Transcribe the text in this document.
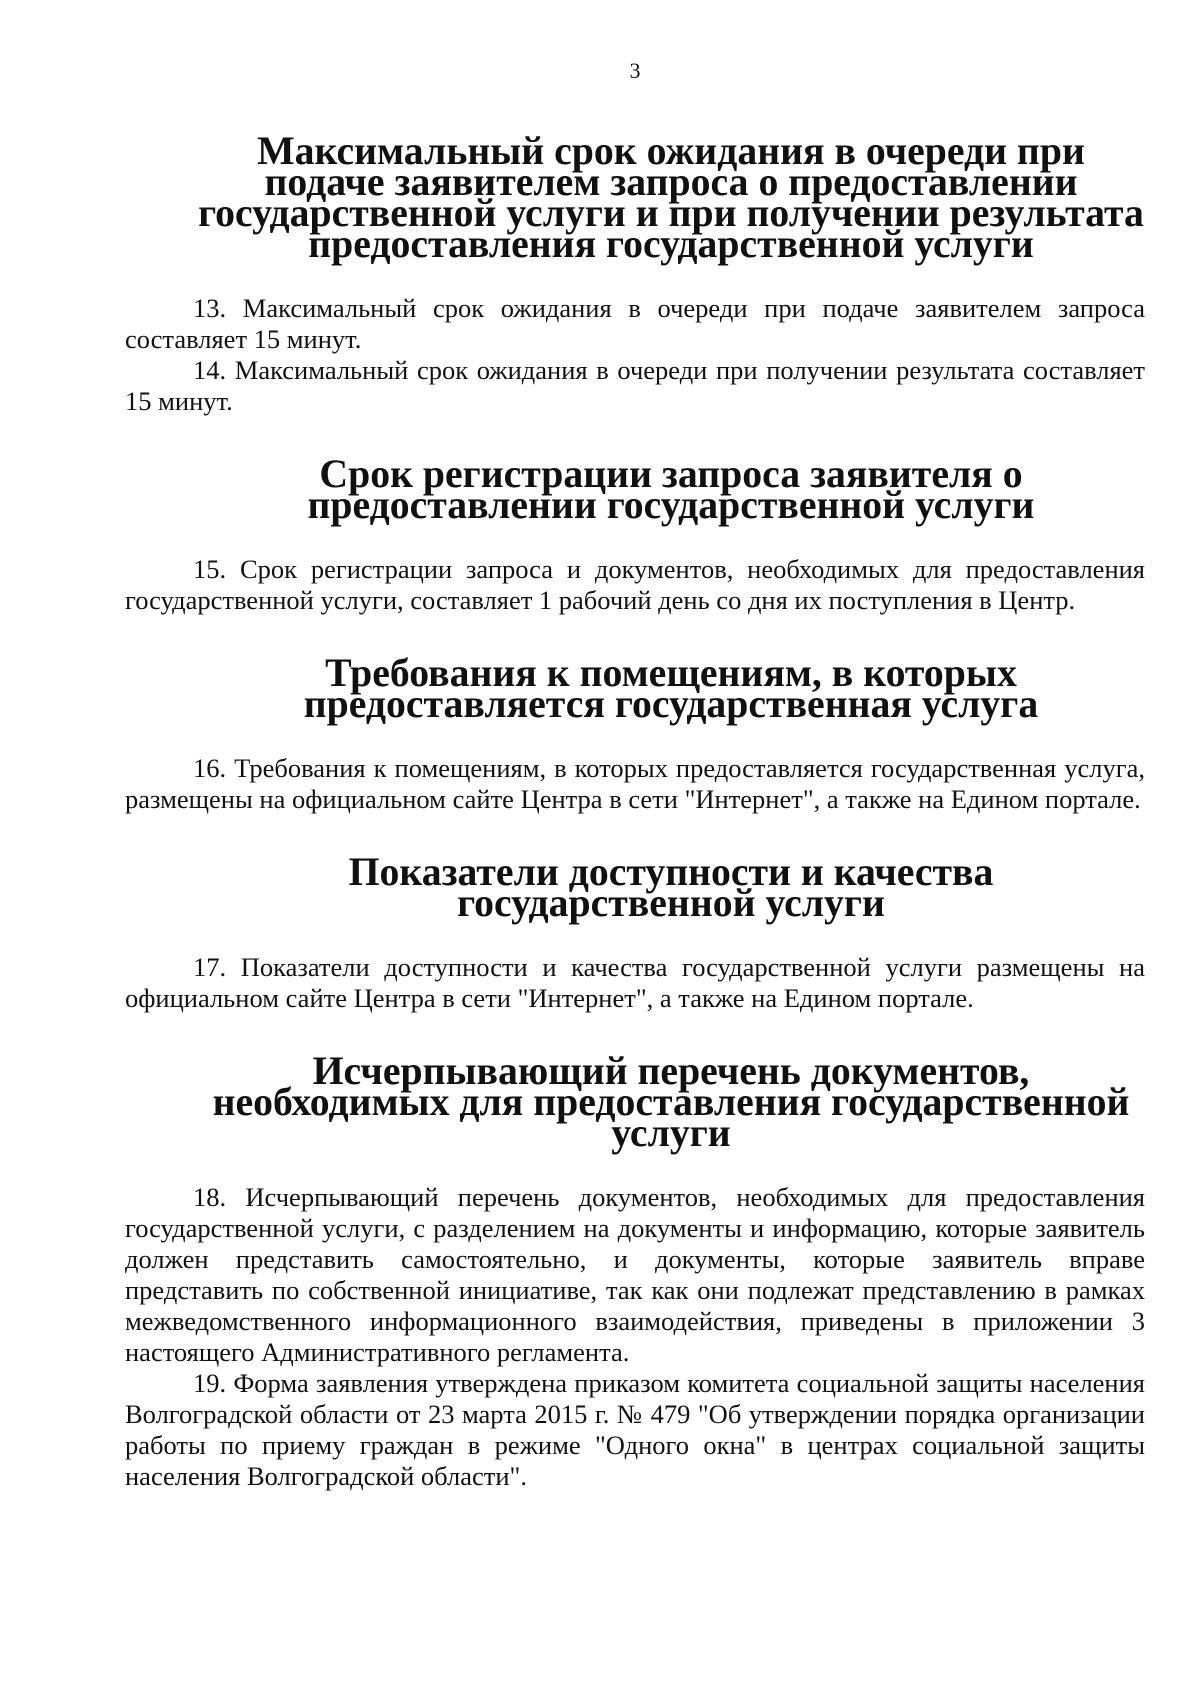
3
Максимальный срок ожидания в очереди при подаче заявителем запроса о предоставлении государственной услуги и при получении результата предоставления государственной услуги

13. Максимальный срок ожидания в очереди при подаче заявителем запроса составляет 15 минут.

14. Максимальный срок ожидания в очереди при получении результата составляет 15 минут.

Срок регистрации запроса заявителя о предоставлении государственной услуги

15. Срок регистрации запроса и документов, необходимых для предоставления государственной услуги, составляет 1 рабочий день со дня их поступления в Центр.

Требования к помещениям, в которых предоставляется государственная услуга

16. Требования к помещениям, в которых предоставляется государственная услуга, размещены на официальном сайте Центра в сети "Интернет", а также на Едином портале.

Показатели доступности и качества государственной услуги

17. Показатели доступности и качества государственной услуги размещены на официальном сайте Центра в сети "Интернет", а также на Едином портале.

Исчерпывающий перечень документов, необходимых для предоставления государственной услуги

18. Исчерпывающий перечень документов, необходимых для предоставления государственной услуги, с разделением на документы и информацию, которые заявитель должен представить самостоятельно, и документы, которые заявитель вправе представить по собственной инициативе, так как они подлежат представлению в рамках межведомственного информационного взаимодействия, приведены в приложении 3 настоящего Административного регламента.

19. Форма заявления утверждена приказом комитета социальной защиты населения Волгоградской области от 23 марта 2015 г. № 479 "Об утверждении порядка организации работы по приему граждан в режиме "Одного окна" в центрах социальной защиты населения Волгоградской области".
